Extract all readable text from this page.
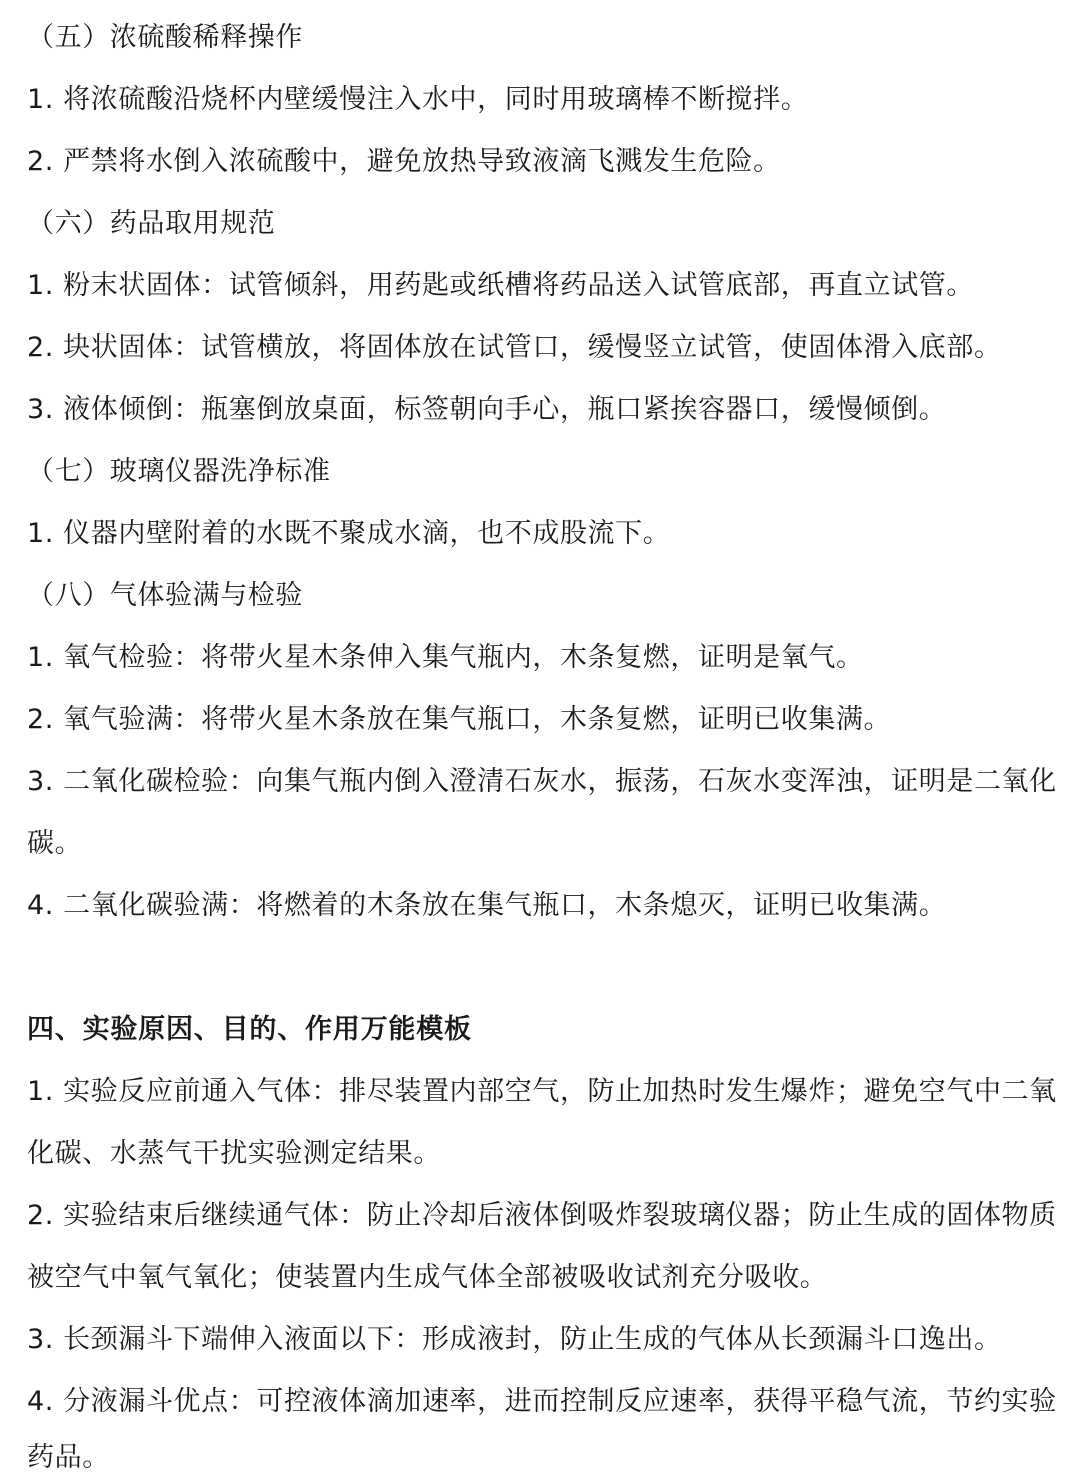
（五）浓硫酸稀释操作
1. 将浓硫酸沿烧杯内壁缓慢注入水中，同时用玻璃棒不断搅拌。
2. 严禁将水倒入浓硫酸中，避免放热导致液滴飞溅发生危险。
（六）药品取用规范
1. 粉末状固体：试管倾斜，用药匙或纸槽将药品送入试管底部，再直立试管。
2. 块状固体：试管横放，将固体放在试管口，缓慢竖立试管，使固体滑入底部。
3. 液体倾倒：瓶塞倒放桌面，标签朝向手心，瓶口紧挨容器口，缓慢倾倒。
（七）玻璃仪器洗净标准
1. 仪器内壁附着的水既不聚成水滴，也不成股流下。
（八）气体验满与检验
1. 氧气检验：将带火星木条伸入集气瓶内，木条复燃，证明是氧气。
2. 氧气验满：将带火星木条放在集气瓶口，木条复燃，证明已收集满。
3. 二氧化碳检验：向集气瓶内倒入澄清石灰水，振荡，石灰水变浑浊，证明是二氧化
碳。
4. 二氧化碳验满：将燃着的木条放在集气瓶口，木条熄灭，证明已收集满。
四、实验原因、目的、作用万能模板
1. 实验反应前通入气体：排尽装置内部空气，防止加热时发生爆炸；避免空气中二氧
化碳、水蒸气干扰实验测定结果。
2. 实验结束后继续通气体：防止冷却后液体倒吸炸裂玻璃仪器；防止生成的固体物质
被空气中氧气氧化；使装置内生成气体全部被吸收试剂充分吸收。
3. 长颈漏斗下端伸入液面以下：形成液封，防止生成的气体从长颈漏斗口逸出。
4. 分液漏斗优点：可控液体滴加速率，进而控制反应速率，获得平稳气流，节约实验
药品。
